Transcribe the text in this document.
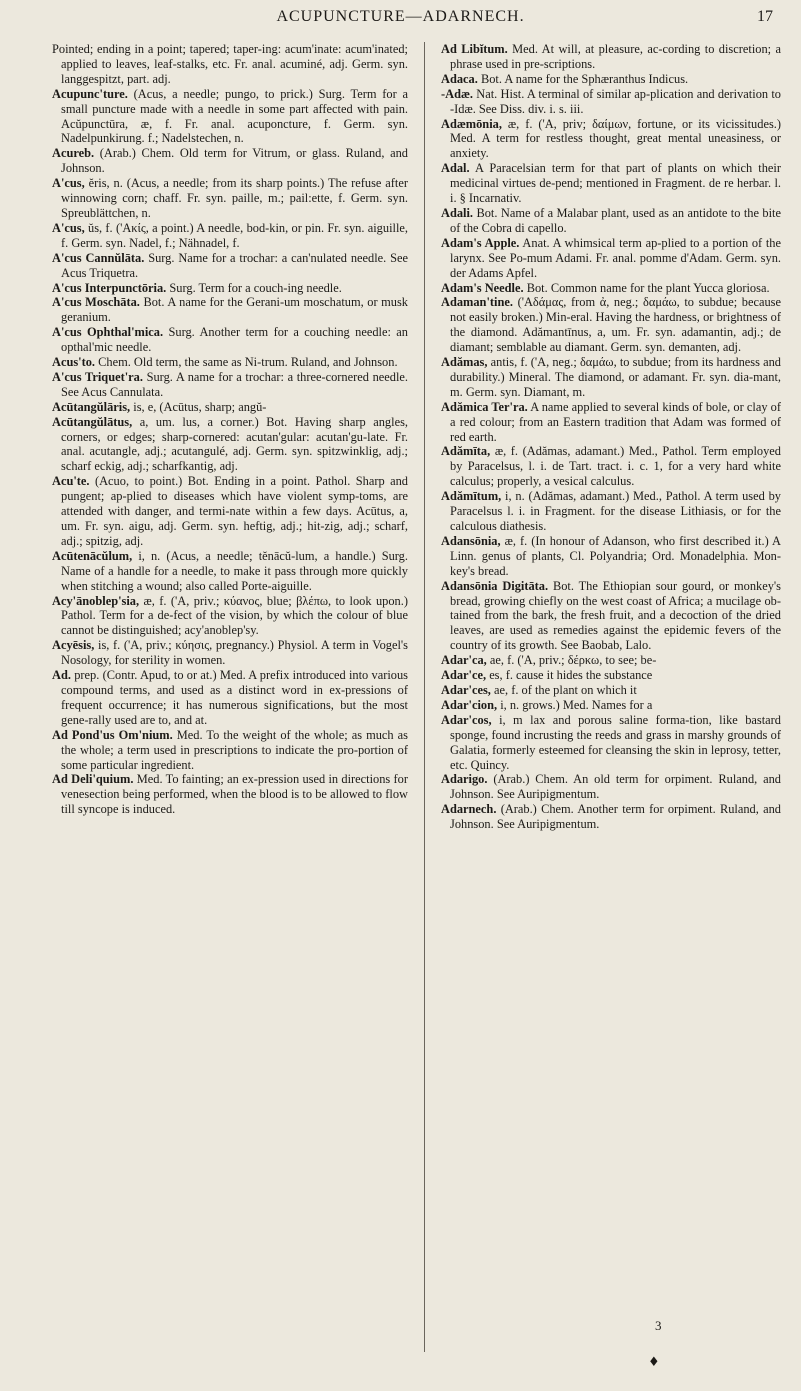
ACUPUNCTURE—ADARNECH.	17

Pointed; ending in a point; tapered; taper-ing: acum'inate: acum'inated; applied to leaves, leaf-stalks, etc. Fr. anal. acuminé, adj. Germ. syn. langgespitzt, part. adj.

Acupunc'ture. (Acus, a needle; pungo, to prick.) Surg. Term for a small puncture made with a needle in some part affected with pain. Acŭpunctūra, æ, f. Fr. anal. acuponcture, f. Germ. syn. Nadelpunkirung. f.; Nadelstechen, n.

Acureb. (Arab.) Chem. Old term for Vitrum, or glass. Ruland, and Johnson.

A'cus, ĕris, n. (Acus, a needle; from its sharp points.) The refuse after winnowing corn; chaff. Fr. syn. paille, m.; pail:ette, f. Germ. syn. Spreublättchen, n.

A'cus, ŭs, f. ('Ακίς, a point.) A needle, bod-kin, or pin. Fr. syn. aiguille, f. Germ. syn. Nadel, f.; Nähnadel, f.

A'cus Cannŭlāta. Surg. Name for a trochar: a can'nulated needle. See Acus Triquetra.

A'cus Interpunctōria. Surg. Term for a couch-ing needle.

A'cus Moschāta. Bot. A name for the Gerani-um moschatum, or musk geranium.

A'cus Ophthal'mica. Surg. Another term for a couching needle: an opthal'mic needle.

Acus'to. Chem. Old term, the same as Ni-trum. Ruland, and Johnson.

A'cus Triquet'ra. Surg. A name for a trochar: a three-cornered needle. See Acus Cannulata.

Acūtangŭlāris, is, e, (Acūtus, sharp; angŭ-

Acūtangŭlātus, a, um. lus, a corner.) Bot. Having sharp angles, corners, or edges; sharp-cornered: acutan'gular: acutan'gu-late. Fr. anal. acutangle, adj.; acutangulé, adj. Germ. syn. spitzwinklig, adj.; scharf eckig, adj.; scharfkantig, adj.

Acu'te. (Acuo, to point.) Bot. Ending in a point. Pathol. Sharp and pungent; ap-plied to diseases which have violent symp-toms, are attended with danger, and termi-nate within a few days. Acūtus, a, um. Fr. syn. aigu, adj. Germ. syn. heftig, adj.; hit-zig, adj.; scharf, adj.; spitzig, adj.

Acūtenācŭlum, i, n. (Acus, a needle; tĕnācŭ-lum, a handle.) Surg. Name of a handle for a needle, to make it pass through more quickly when stitching a wound; also called Porte-aiguille.

Acy'ānoblep'sia, æ, f. ('A, priv.; κύανος, blue; βλέπω, to look upon.) Pathol. Term for a de-fect of the vision, by which the colour of blue cannot be distinguished; acy'anoblep'sy.

Acyēsis, is, f. ('A, priv.; κύησις, pregnancy.) Physiol. A term in Vogel's Nosology, for sterility in women.

Ad. prep. (Contr. Apud, to or at.) Med. A prefix introduced into various compound terms, and used as a distinct word in ex-pressions of frequent occurrence; it has numerous significations, but the most gene-rally used are to, and at.

Ad Pond'us Om'nium. Med. To the weight of the whole; as much as the whole; a term used in prescriptions to indicate the pro-portion of some particular ingredient.

Ad Deli'quium. Med. To fainting; an ex-pression used in directions for venesection being performed, when the blood is to be allowed to flow till syncope is induced.

Ad Libĭtum. Med. At will, at pleasure, ac-cording to discretion; a phrase used in pre-scriptions.

Adaca. Bot. A name for the Sphæranthus Indicus.

-Adæ. Nat. Hist. A terminal of similar ap-plication and derivation to -Idæ. See Diss. div. i. s. iii.

Adæmōnia, æ, f. ('A, priv; δαίμων, fortune, or its vicissitudes.) Med. A term for restless thought, great mental uneasiness, or anxiety.

Adal. A Paracelsian term for that part of plants on which their medicinal virtues de-pend; mentioned in Fragment. de re herbar. l. i. § Incarnativ.

Adali. Bot. Name of a Malabar plant, used as an antidote to the bite of the Cobra di capello.

Adam's Apple. Anat. A whimsical term ap-plied to a portion of the larynx. See Po-mum Adami. Fr. anal. pomme d'Adam. Germ. syn. der Adams Apfel.

Adam's Needle. Bot. Common name for the plant Yucca gloriosa.

Adaman'tine. ('Αδάμας, from ἀ, neg.; δαμάω, to subdue; because not easily broken.) Min-eral. Having the hardness, or brightness of the diamond. Adămantīnus, a, um. Fr. syn. adamantin, adj.; de diamant; semblable au diamant. Germ. syn. demanten, adj.

Adămas, antis, f. ('A, neg.; δαμάω, to subdue; from its hardness and durability.) Mineral. The diamond, or adamant. Fr. syn. dia-mant, m. Germ. syn. Diamant, m.

Adămica Ter'ra. A name applied to several kinds of bole, or clay of a red colour; from an Eastern tradition that Adam was formed of red earth.

Adămīta, æ, f. (Adămas, adamant.) Med., Pathol. Term employed by Paracelsus, l. i. de Tart. tract. i. c. 1, for a very hard white calculus; properly, a vesical calculus.

Adămītum, i, n. (Adămas, adamant.) Med., Pathol. A term used by Paracelsus l. i. in Fragment. for the disease Lithiasis, or for the calculous diathesis.

Adansōnia, æ, f. (In honour of Adanson, who first described it.) A Linn. genus of plants, Cl. Polyandria; Ord. Monadelphia. Mon-key's bread.

Adansōnia Digitāta. Bot. The Ethiopian sour gourd, or monkey's bread, growing chiefly on the west coast of Africa; a mucilage ob-tained from the bark, the fresh fruit, and a decoction of the dried leaves, are used as remedies against the epidemic fevers of the country of its growth. See Baobab, Lalo.

Adar'ca, ae, f. ('A, priv.; δέρκω, to see; be-

Adar'ce, es, f. cause it hides the substance

Adar'ces, ae, f. of the plant on which it

Adar'cion, i, n. grows.) Med. Names for a

Adar'cos, i, m lax and porous saline forma-tion, like bastard sponge, found incrusting the reeds and grass in marshy grounds of Galatia, formerly esteemed for cleansing the skin in leprosy, tetter, etc. Quincy.

Adarigo. (Arab.) Chem. An old term for orpiment. Ruland, and Johnson. See Auripigmentum.

Adarnech. (Arab.) Chem. Another term for orpiment. Ruland, and Johnson. See Auripigmentum.

3
♦
